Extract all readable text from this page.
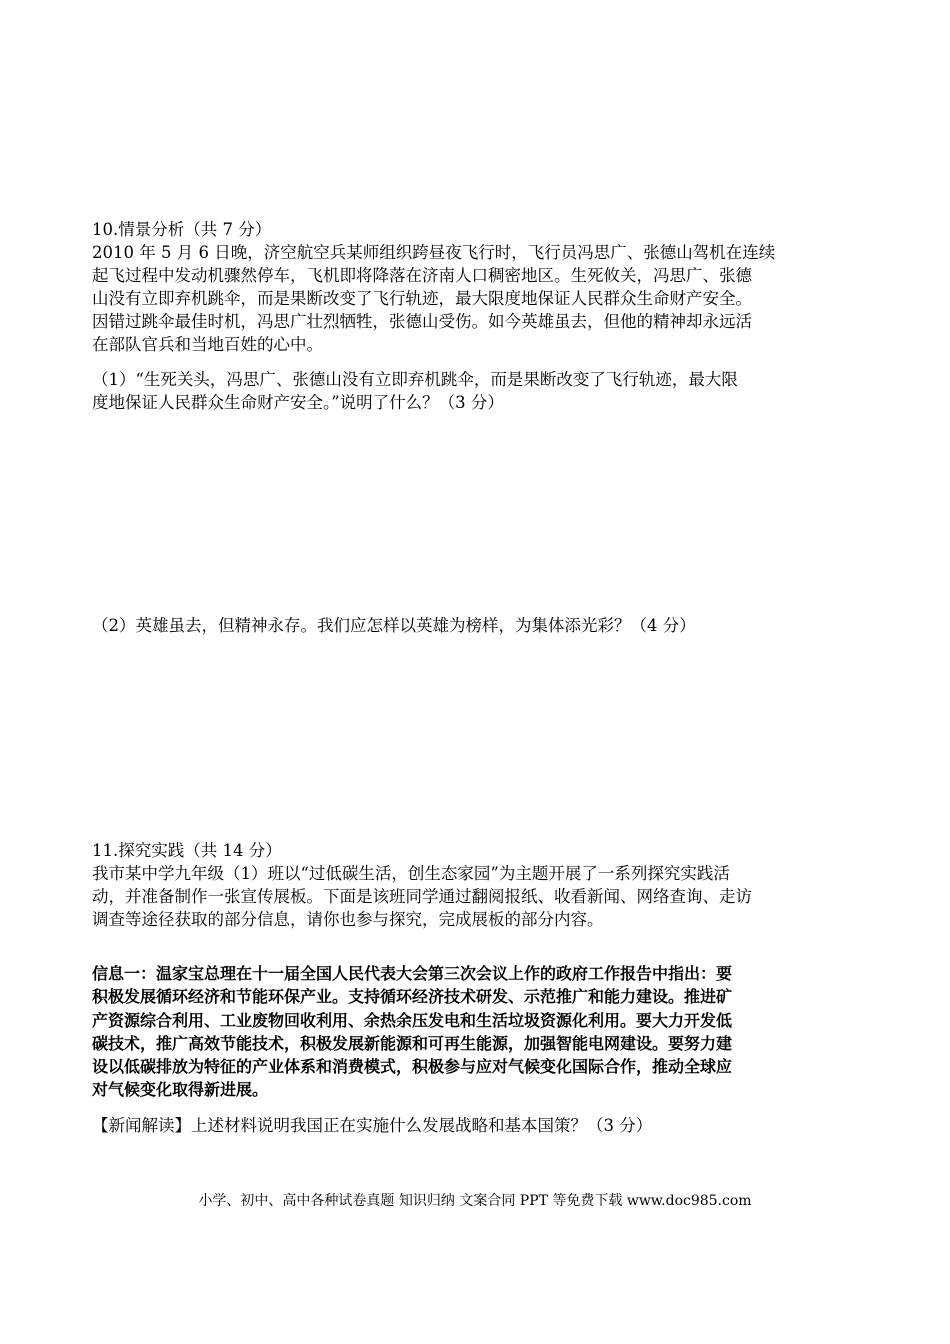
10.情景分析（共 7 分）
2010 年 5 月 6 日晚，济空航空兵某师组织跨昼夜飞行时，飞行员冯思广、张德山驾机在连续
起飞过程中发动机骤然停车，飞机即将降落在济南人口稠密地区。生死攸关，冯思广、张德
山没有立即弃机跳伞，而是果断改变了飞行轨迹，最大限度地保证人民群众生命财产安全。
因错过跳伞最佳时机，冯思广壮烈牺牲，张德山受伤。如今英雄虽去，但他的精神却永远活
在部队官兵和当地百姓的心中。
（1）“生死关头，冯思广、张德山没有立即弃机跳伞，而是果断改变了飞行轨迹，最大限
度地保证人民群众生命财产安全。”说明了什么？（3 分）
（2）英雄虽去，但精神永存。我们应怎样以英雄为榜样，为集体添光彩？（4 分）
11.探究实践（共 14 分）
我市某中学九年级（1）班以“过低碳生活，创生态家园”为主题开展了一系列探究实践活
动，并准备制作一张宣传展板。下面是该班同学通过翻阅报纸、收看新闻、网络查询、走访
调查等途径获取的部分信息，请你也参与探究，完成展板的部分内容。
信息一：温家宝总理在十一届全国人民代表大会第三次会议上作的政府工作报告中指出：要
积极发展循环经济和节能环保产业。支持循环经济技术研发、示范推广和能力建设。推进矿
产资源综合利用、工业废物回收利用、余热余压发电和生活垃圾资源化利用。要大力开发低
碳技术，推广高效节能技术，积极发展新能源和可再生能源，加强智能电网建设。要努力建
设以低碳排放为特征的产业体系和消费模式，积极参与应对气候变化国际合作，推动全球应
对气候变化取得新进展。
【新闻解读】上述材料说明我国正在实施什么发展战略和基本国策？（3 分）
小学、初中、高中各种试卷真题 知识归纳 文案合同 PPT 等免费下载 www.doc985.com
